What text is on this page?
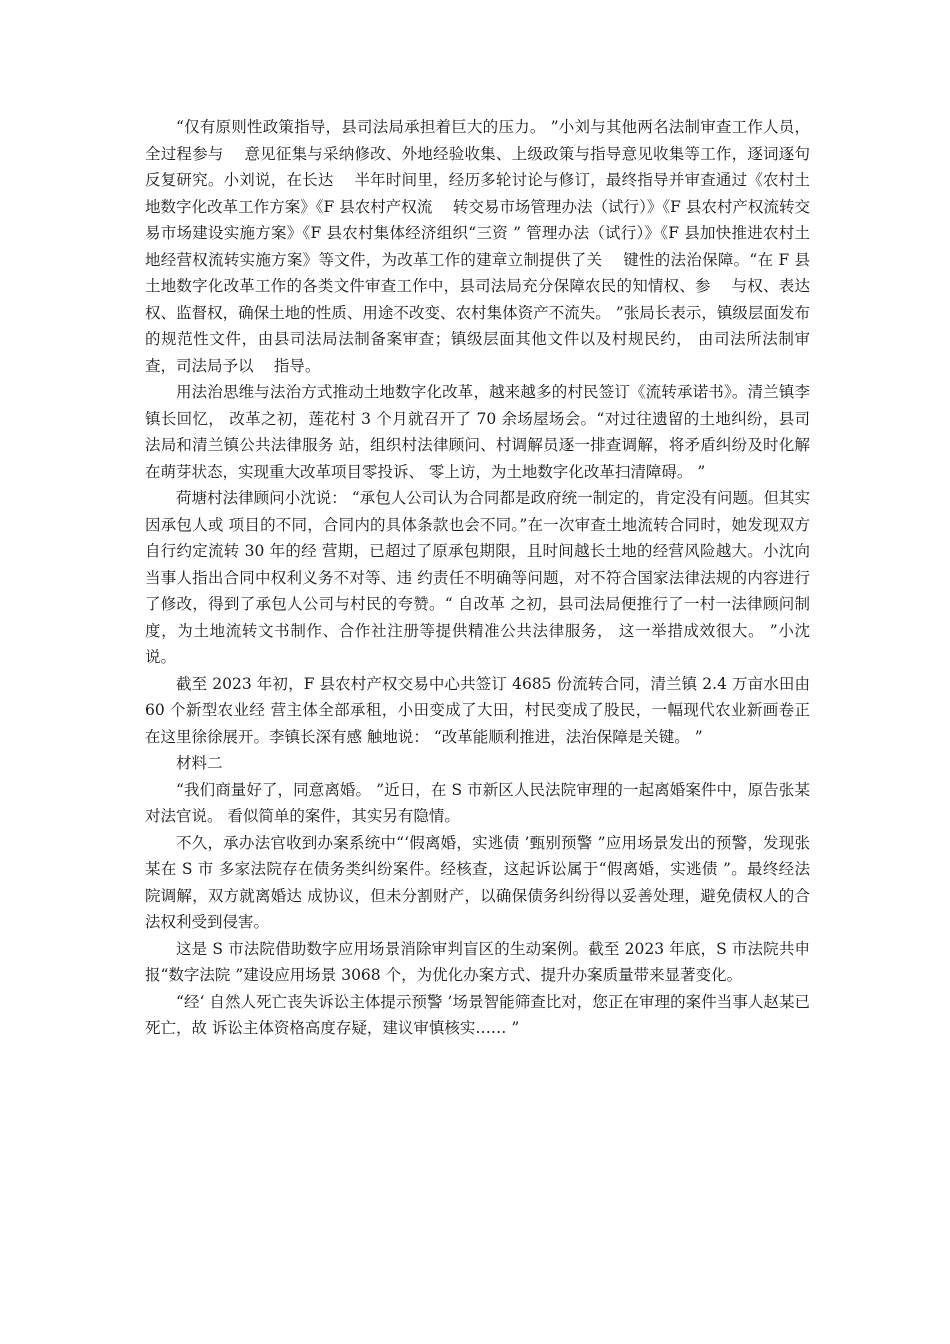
“仅有原则性政策指导，县司法局承担着巨大的压力。 ”小刘与其他两名法制审查工作人员，全过程参与　 意见征集与采纳修改、外地经验收集、上级政策与指导意见收集等工作，逐词逐句反复研究。小刘说，在长达　 半年时间里，经历多轮讨论与修订，最终指导并审查通过《农村土地数字化改革工作方案》《F 县农村产权流　 转交易市场管理办法（试行）》《F 县农村产权流转交易市场建设实施方案》《F 县农村集体经济组织“三资 ” 管理办法（试行）》《F 县加快推进农村土地经营权流转实施方案》等文件，为改革工作的建章立制提供了关　 键性的法治保障。“在 F 县土地数字化改革工作的各类文件审查工作中，县司法局充分保障农民的知情权、参　 与权、表达权、监督权，确保土地的性质、用途不改变、农村集体资产不流失。 ”张局长表示，镇级层面发布　 的规范性文件，由县司法局法制备案审查；镇级层面其他文件以及村规民约， 由司法所法制审查，司法局予以　 指导。

用法治思维与法治方式推动土地数字化改革，越来越多的村民签订《流转承诺书》。清兰镇李镇长回忆， 改革之初，莲花村 3 个月就召开了 70 余场屋场会。“对过往遗留的土地纠纷，县司法局和清兰镇公共法律服务 站，组织村法律顾问、村调解员逐一排查调解，将矛盾纠纷及时化解在萌芽状态，实现重大改革项目零投诉、 零上访，为土地数字化改革扫清障碍。 ”

荷塘村法律顾问小沈说： “承包人公司认为合同都是政府统一制定的，肯定没有问题。但其实因承包人或 项目的不同，合同内的具体条款也会不同。”在一次审查土地流转合同时，她发现双方自行约定流转 30 年的经 营期，已超过了原承包期限，且时间越长土地的经营风险越大。小沈向当事人指出合同中权利义务不对等、违 约责任不明确等问题，对不符合国家法律法规的内容进行了修改，得到了承包人公司与村民的夸赞。“ 自改革 之初，县司法局便推行了一村一法律顾问制度，为土地流转文书制作、合作社注册等提供精准公共法律服务， 这一举措成效很大。 ”小沈说。

截至 2023 年初，F 县农村产权交易中心共签订 4685 份流转合同，清兰镇 2.4 万亩水田由60 个新型农业经 营主体全部承租，小田变成了大田，村民变成了股民，一幅现代农业新画卷正在这里徐徐展开。李镇长深有感 触地说： “改革能顺利推进，法治保障是关键。 ”

材料二

“我们商量好了，同意离婚。 ”近日，在 S 市新区人民法院审理的一起离婚案件中，原告张某对法官说。 看似简单的案件，其实另有隐情。

不久，承办法官收到办案系统中“‘假离婚，实逃债 ’甄别预警 ”应用场景发出的预警，发现张某在 S 市 多家法院存在债务类纠纷案件。经核查，这起诉讼属于“假离婚，实逃债 ”。最终经法院调解，双方就离婚达 成协议，但未分割财产，以确保债务纠纷得以妥善处理，避免债权人的合法权利受到侵害。

这是 S 市法院借助数字应用场景消除审判盲区的生动案例。截至 2023 年底，S 市法院共申报“数字法院 ”建设应用场景 3068 个，为优化办案方式、提升办案质量带来显著变化。

“经‘ 自然人死亡丧失诉讼主体提示预警 ’场景智能筛查比对，您正在审理的案件当事人赵某已死亡，故 诉讼主体资格高度存疑，建议审慎核实…… ”
